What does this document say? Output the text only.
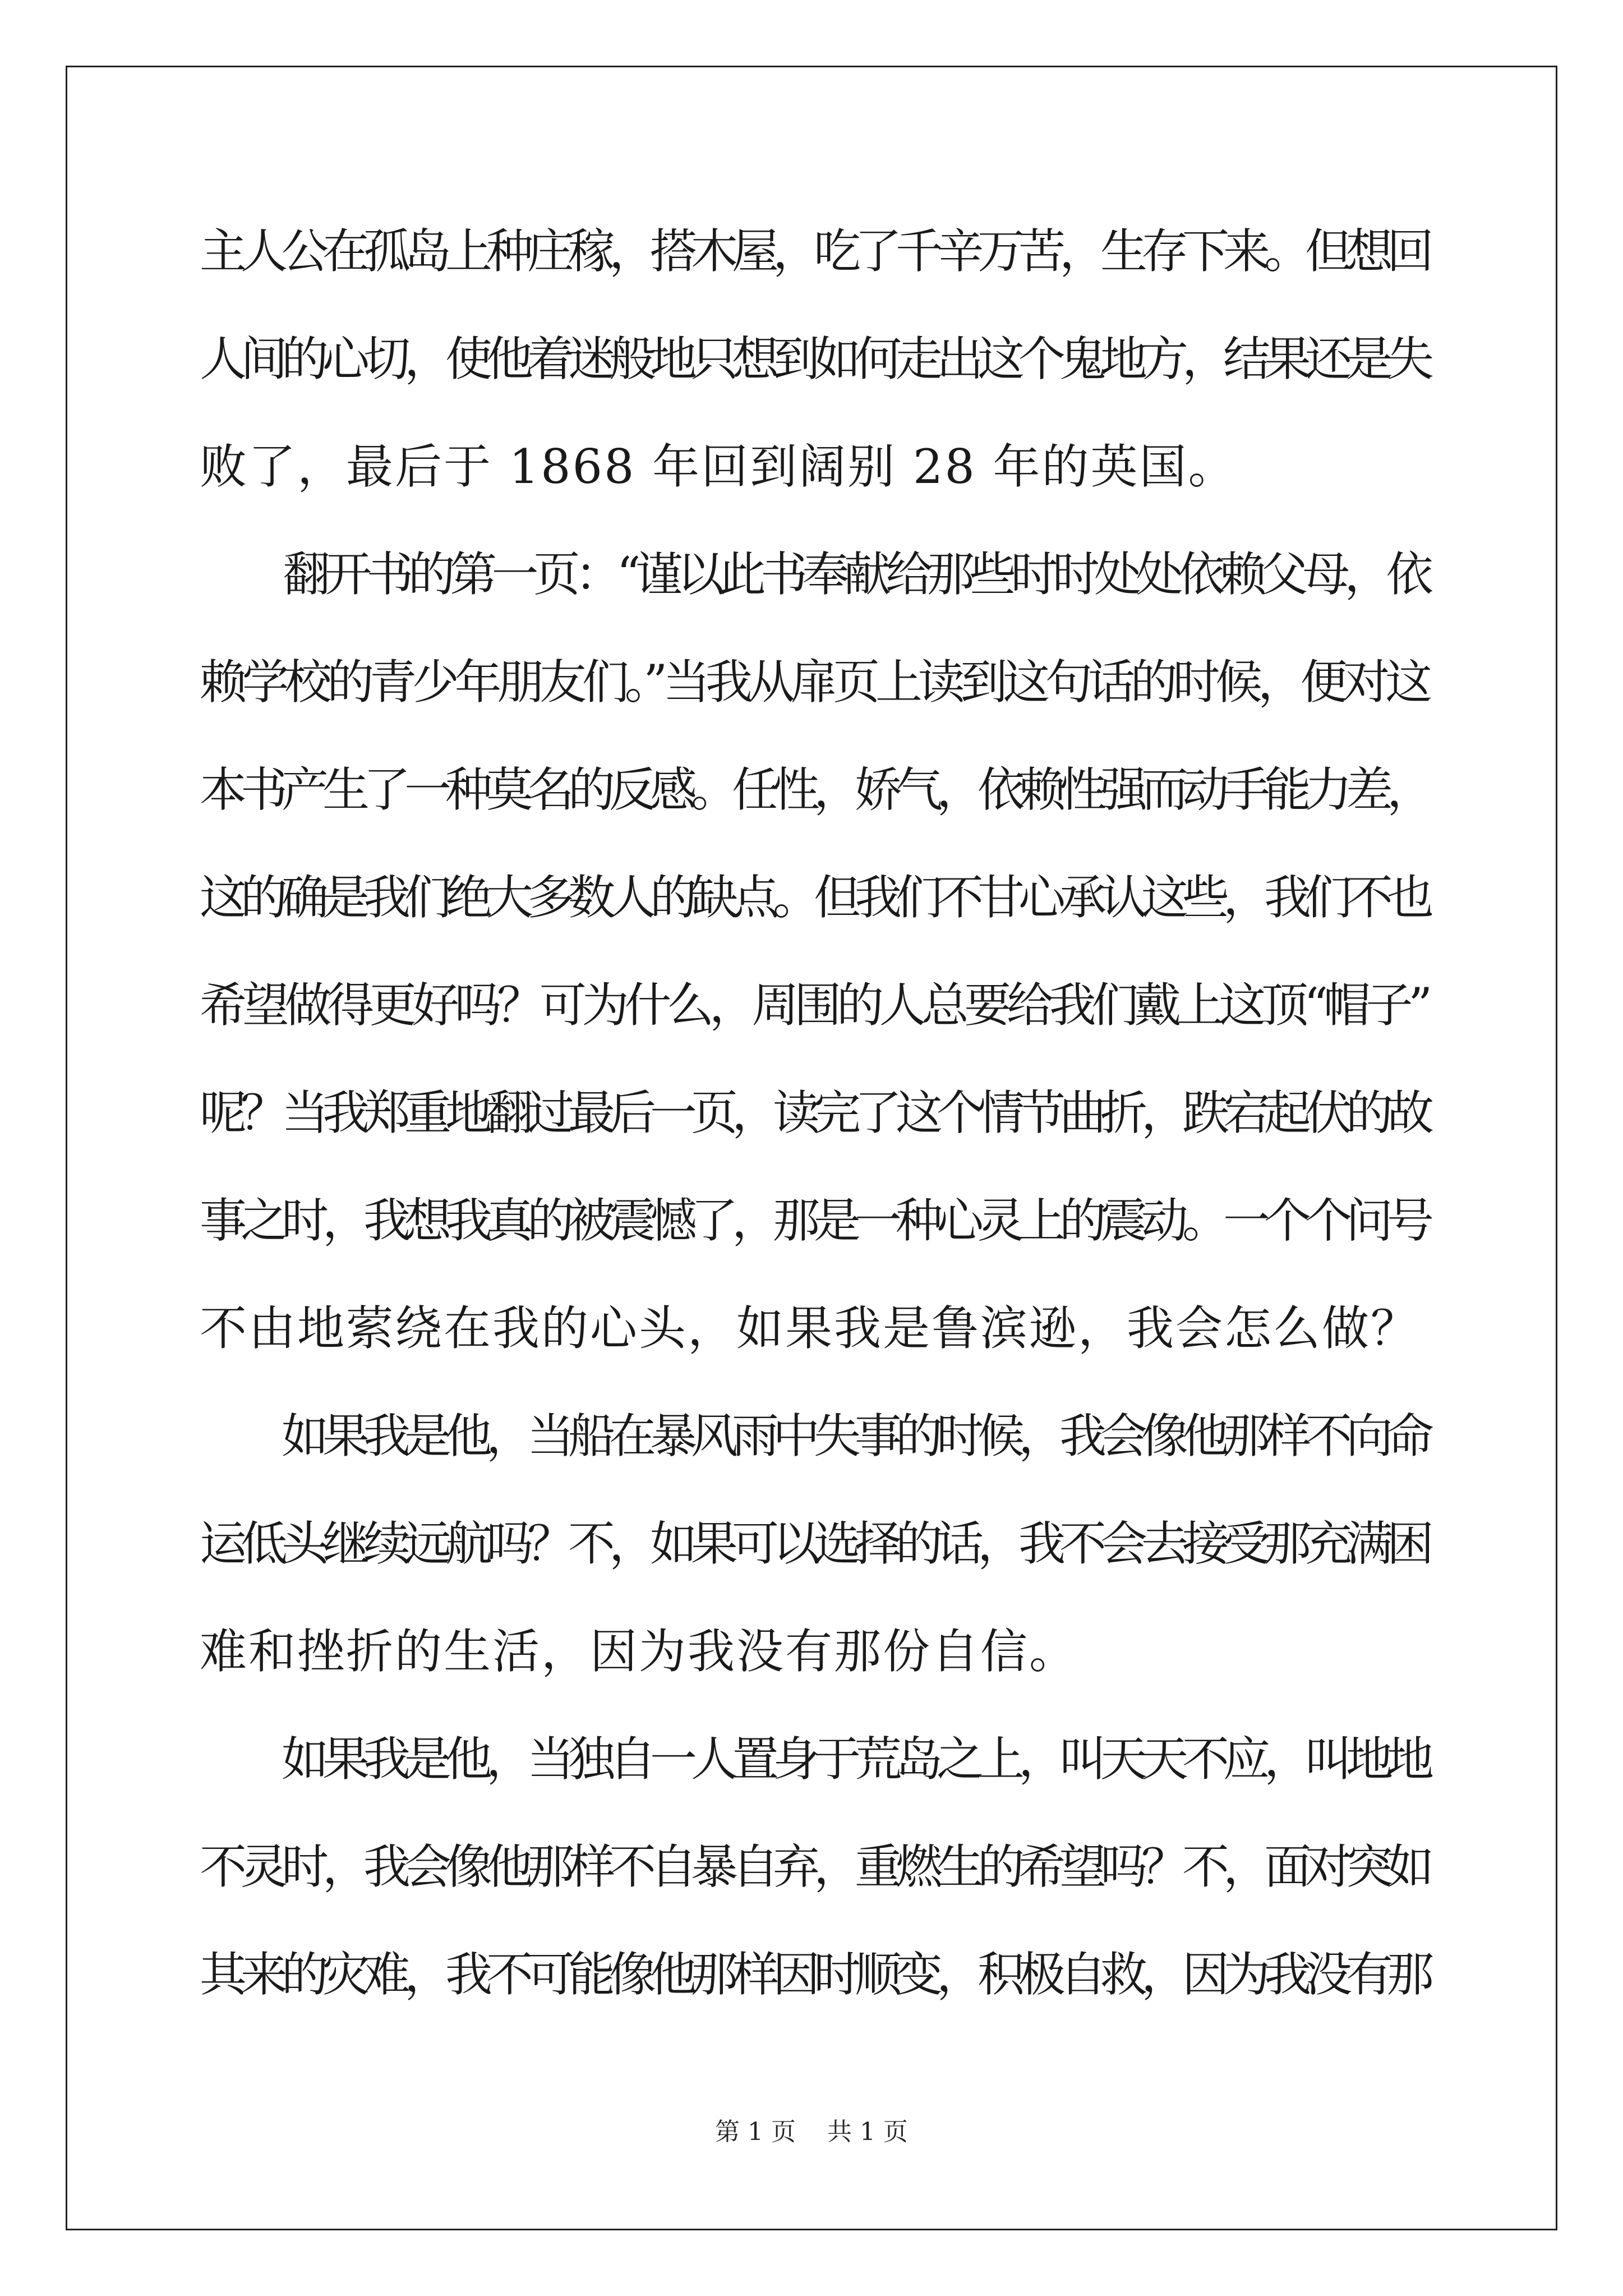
主人公在孤岛上种庄稼，搭木屋，吃了千辛万苦，生存下来。但想回
人间的心切，使他着迷般地只想到如何走出这个鬼地方，结果还是失
败了，最后于 1868 年回到阔别 28 年的英国。
　　翻开书的第一页：“谨以此书奉献给那些时时处处依赖父母，依
赖学校的青少年朋友们。”当我从扉页上读到这句话的时候，便对这
本书产生了一种莫名的反感。任性，娇气，依赖性强而动手能力差，
这的确是我们绝大多数人的缺点。但我们不甘心承认这些，我们不也
希望做得更好吗？可为什么，周围的人总要给我们戴上这顶“帽子”
呢？当我郑重地翻过最后一页，读完了这个情节曲折，跌宕起伏的故
事之时，我想我真的被震憾了，那是一种心灵上的震动。一个个问号
不由地萦绕在我的心头，如果我是鲁滨逊，我会怎么做？
　　如果我是他，当船在暴风雨中失事的时候，我会像他那样不向命
运低头继续远航吗？不，如果可以选择的话，我不会去接受那充满困
难和挫折的生活，因为我没有那份自信。
　　如果我是他，当独自一人置身于荒岛之上，叫天天不应，叫地地
不灵时，我会像他那样不自暴自弃，重燃生的希望吗？不，面对突如
其来的灾难，我不可能像他那样因时顺变，积极自救，因为我没有那
第 1 页    共 1 页
